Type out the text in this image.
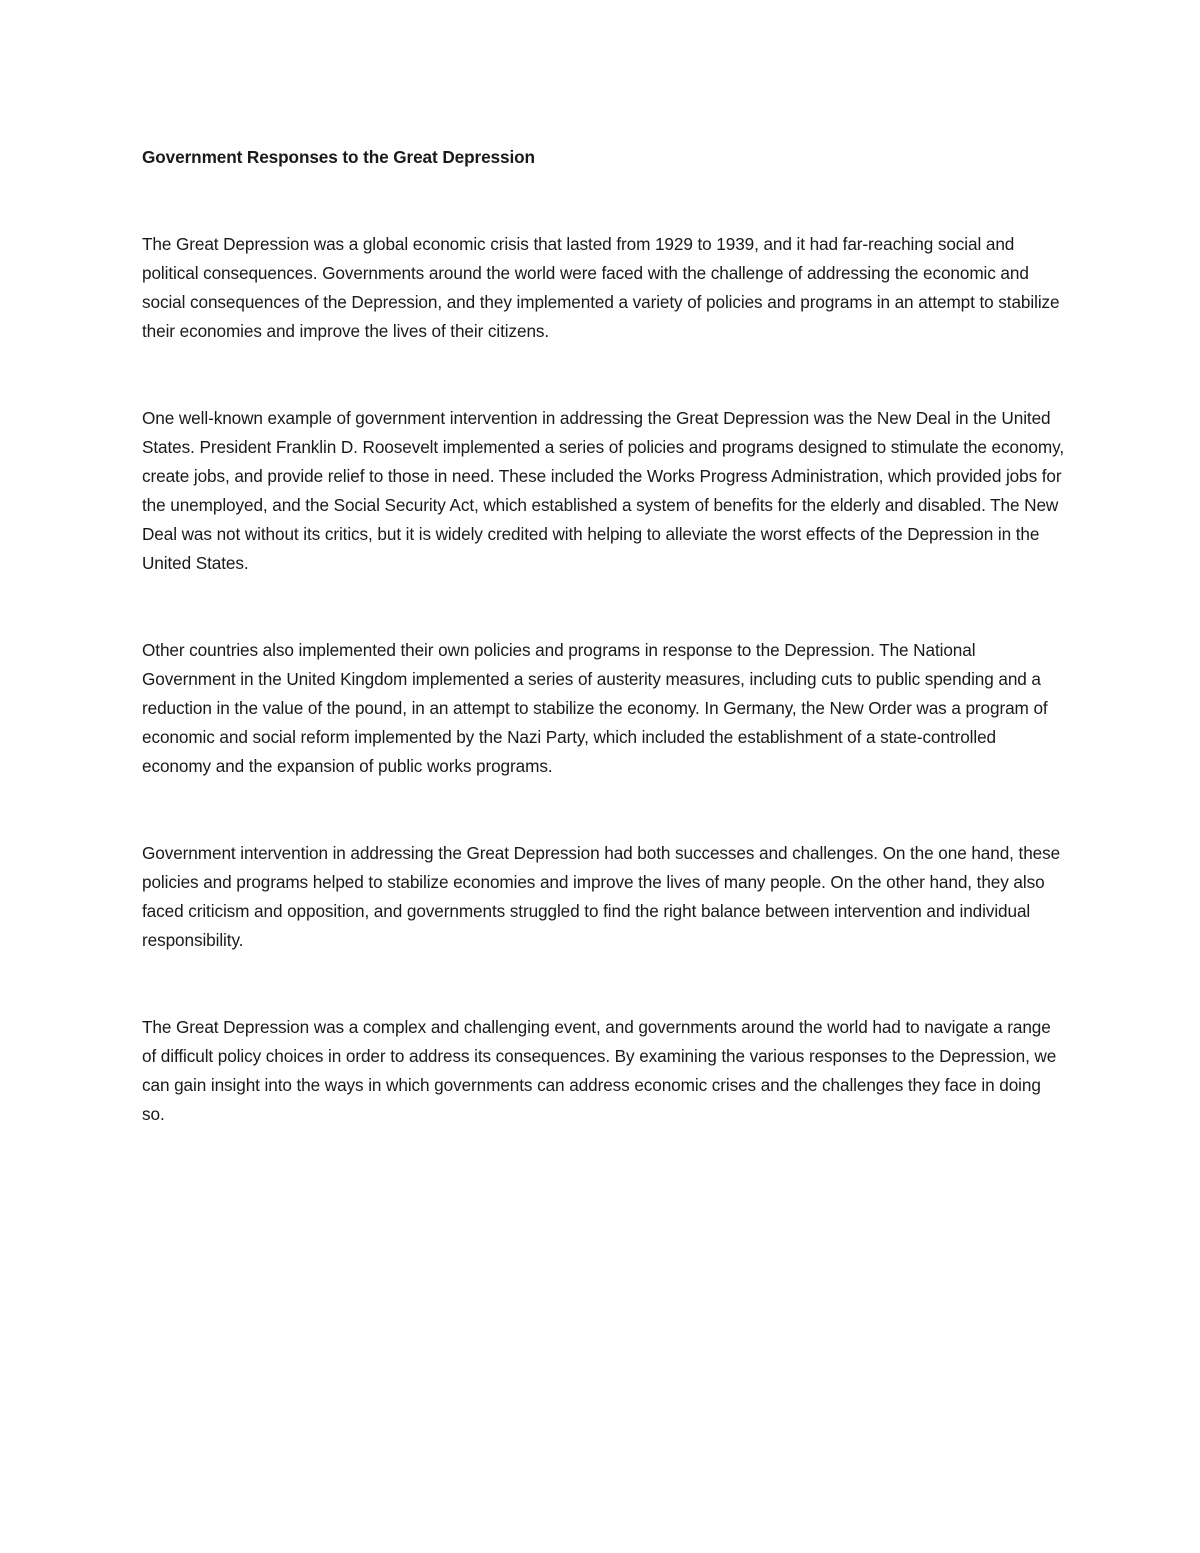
Government Responses to the Great Depression

The Great Depression was a global economic crisis that lasted from 1929 to 1939, and it had far-reaching social and political consequences. Governments around the world were faced with the challenge of addressing the economic and social consequences of the Depression, and they implemented a variety of policies and programs in an attempt to stabilize their economies and improve the lives of their citizens.

One well-known example of government intervention in addressing the Great Depression was the New Deal in the United States. President Franklin D. Roosevelt implemented a series of policies and programs designed to stimulate the economy, create jobs, and provide relief to those in need. These included the Works Progress Administration, which provided jobs for the unemployed, and the Social Security Act, which established a system of benefits for the elderly and disabled. The New Deal was not without its critics, but it is widely credited with helping to alleviate the worst effects of the Depression in the United States.

Other countries also implemented their own policies and programs in response to the Depression. The National Government in the United Kingdom implemented a series of austerity measures, including cuts to public spending and a reduction in the value of the pound, in an attempt to stabilize the economy. In Germany, the New Order was a program of economic and social reform implemented by the Nazi Party, which included the establishment of a state-controlled economy and the expansion of public works programs.

Government intervention in addressing the Great Depression had both successes and challenges. On the one hand, these policies and programs helped to stabilize economies and improve the lives of many people. On the other hand, they also faced criticism and opposition, and governments struggled to find the right balance between intervention and individual responsibility.

The Great Depression was a complex and challenging event, and governments around the world had to navigate a range of difficult policy choices in order to address its consequences. By examining the various responses to the Depression, we can gain insight into the ways in which governments can address economic crises and the challenges they face in doing so.
